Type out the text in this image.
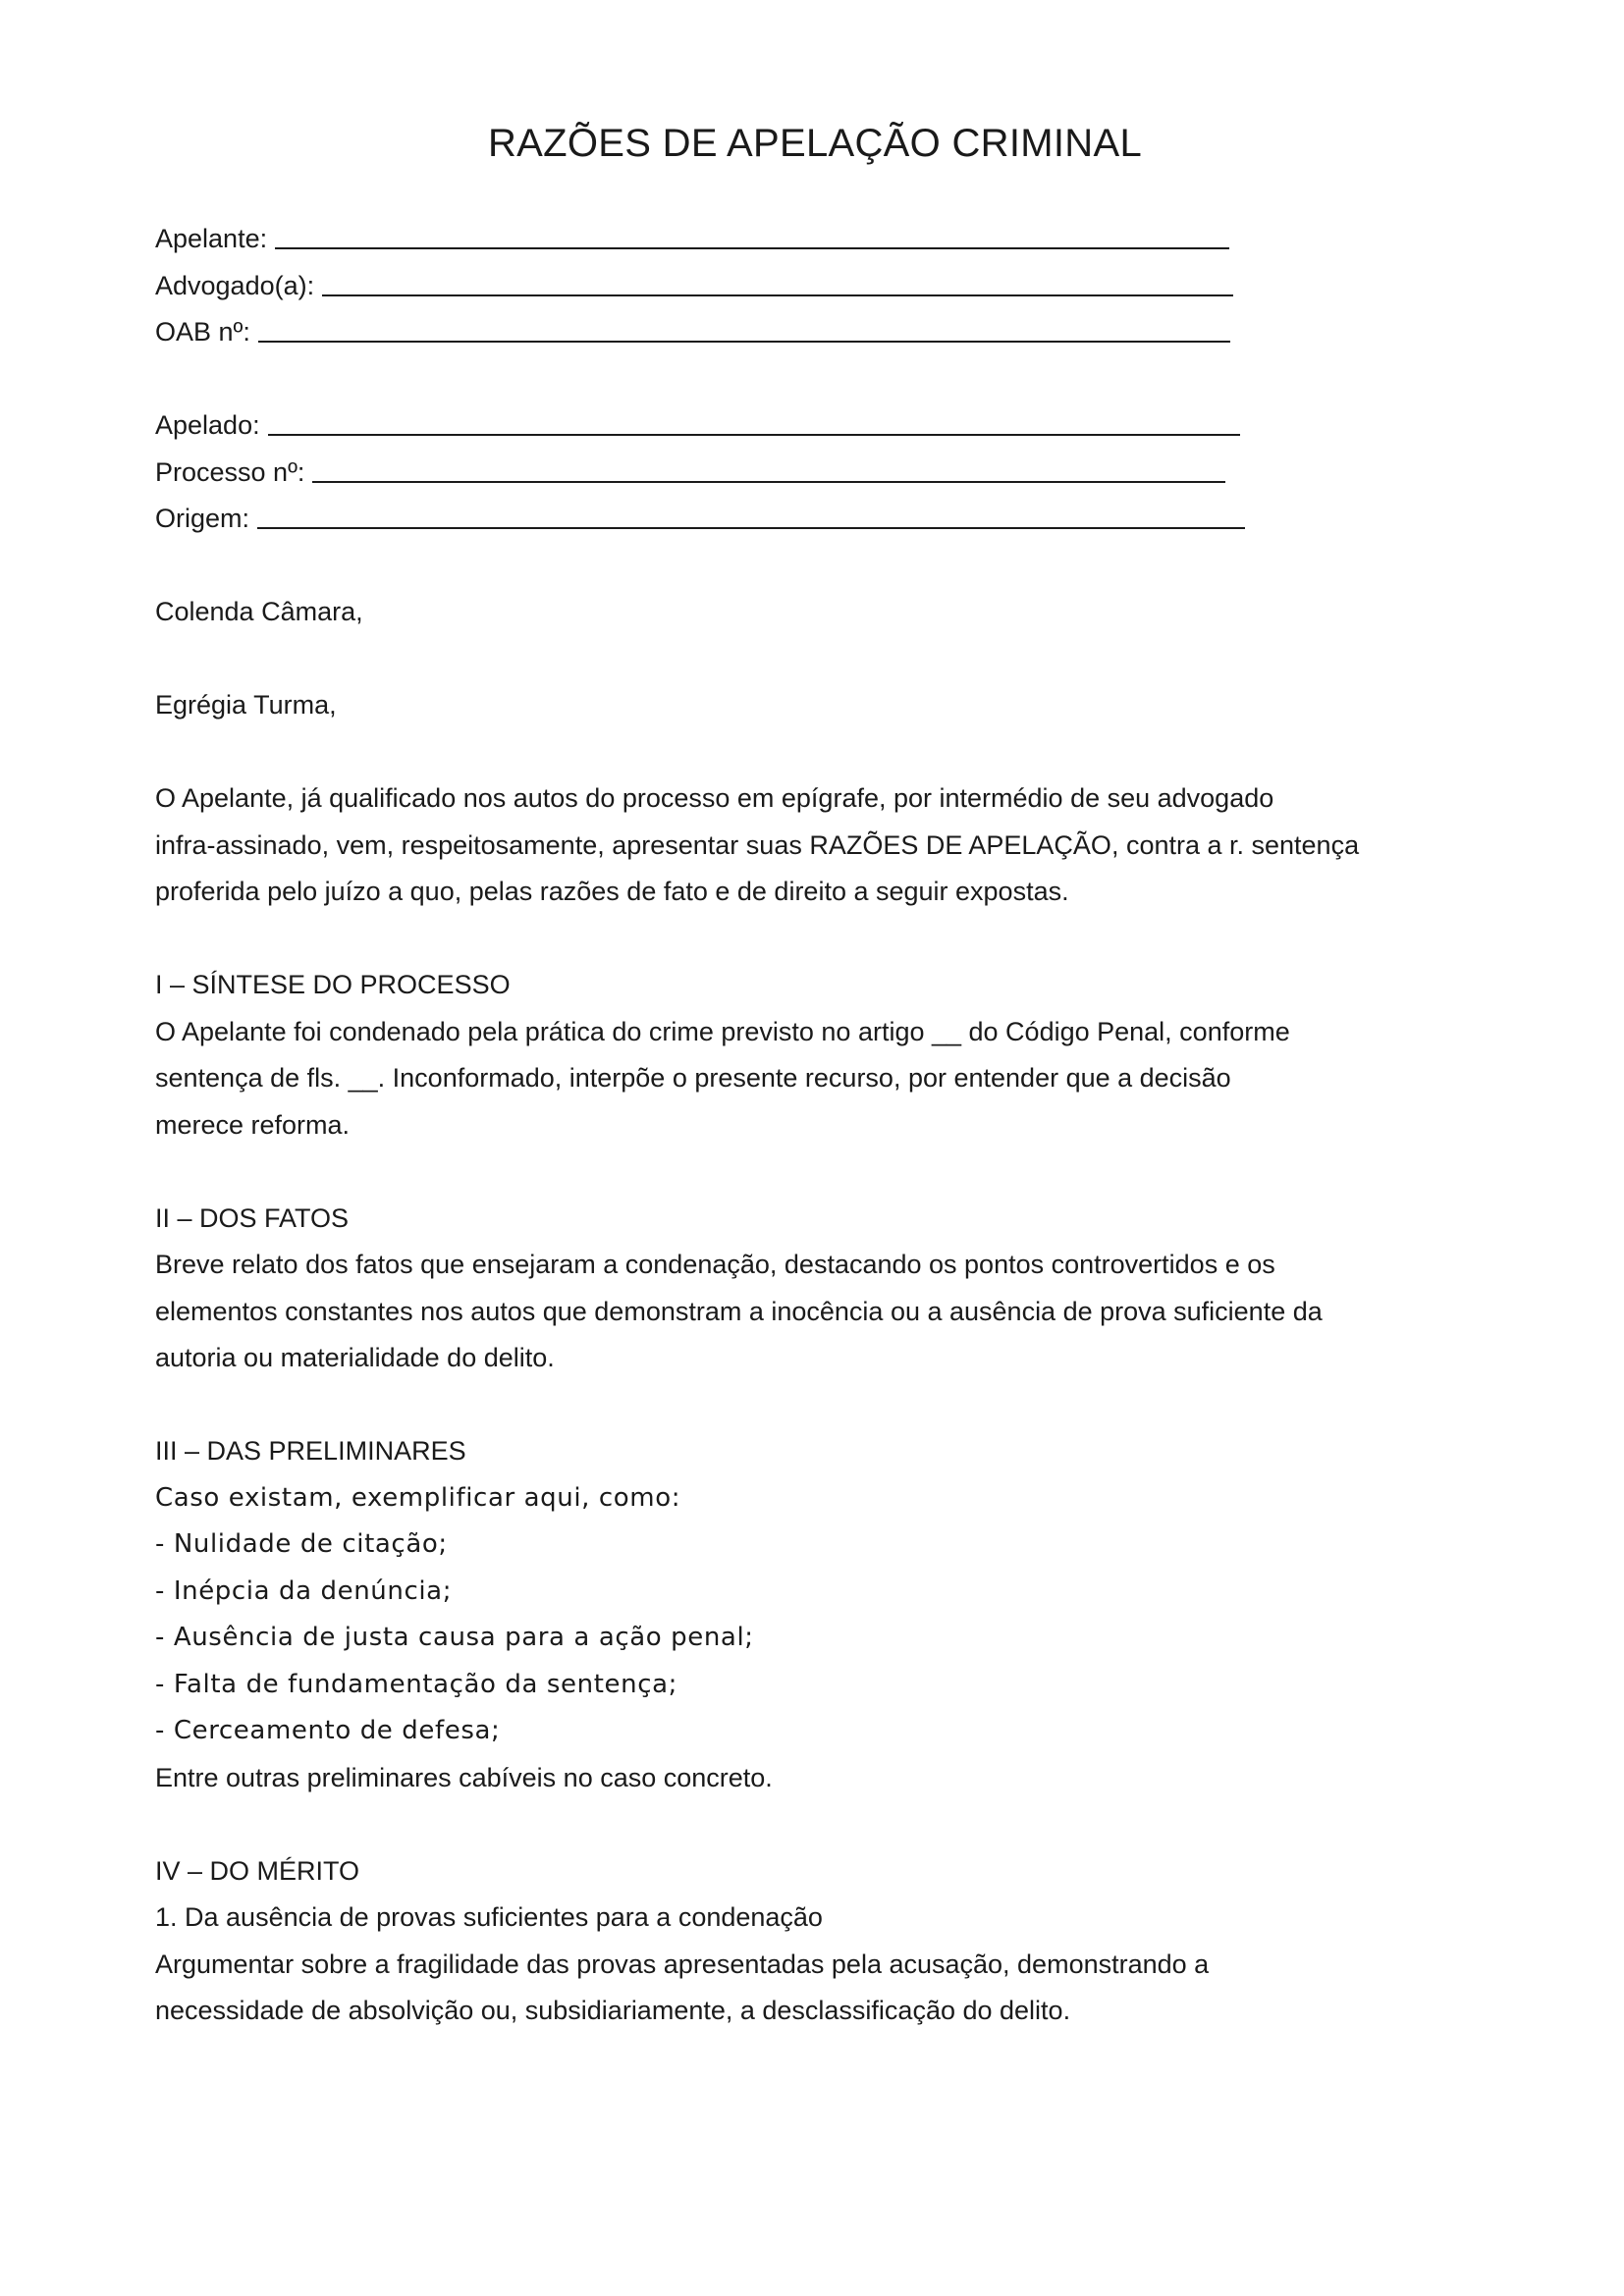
RAZÕES DE APELAÇÃO CRIMINAL
Apelante:
Advogado(a):
OAB nº:
Apelado:
Processo nº:
Origem:
Colenda Câmara,
Egrégia Turma,
O Apelante, já qualificado nos autos do processo em epígrafe, por intermédio de seu advogado
infra-assinado, vem, respeitosamente, apresentar suas RAZÕES DE APELAÇÃO, contra a r. sentença
proferida pelo juízo a quo, pelas razões de fato e de direito a seguir expostas.
I – SÍNTESE DO PROCESSO
O Apelante foi condenado pela prática do crime previsto no artigo __ do Código Penal, conforme
sentença de fls. __. Inconformado, interpõe o presente recurso, por entender que a decisão
merece reforma.
II – DOS FATOS
Breve relato dos fatos que ensejaram a condenação, destacando os pontos controvertidos e os
elementos constantes nos autos que demonstram a inocência ou a ausência de prova suficiente da
autoria ou materialidade do delito.
III – DAS PRELIMINARES
Caso existam, exemplificar aqui, como:
- Nulidade de citação;
- Inépcia da denúncia;
- Ausência de justa causa para a ação penal;
- Falta de fundamentação da sentença;
- Cerceamento de defesa;
Entre outras preliminares cabíveis no caso concreto.
IV – DO MÉRITO
1. Da ausência de provas suficientes para a condenação
Argumentar sobre a fragilidade das provas apresentadas pela acusação, demonstrando a
necessidade de absolvição ou, subsidiariamente, a desclassificação do delito.
